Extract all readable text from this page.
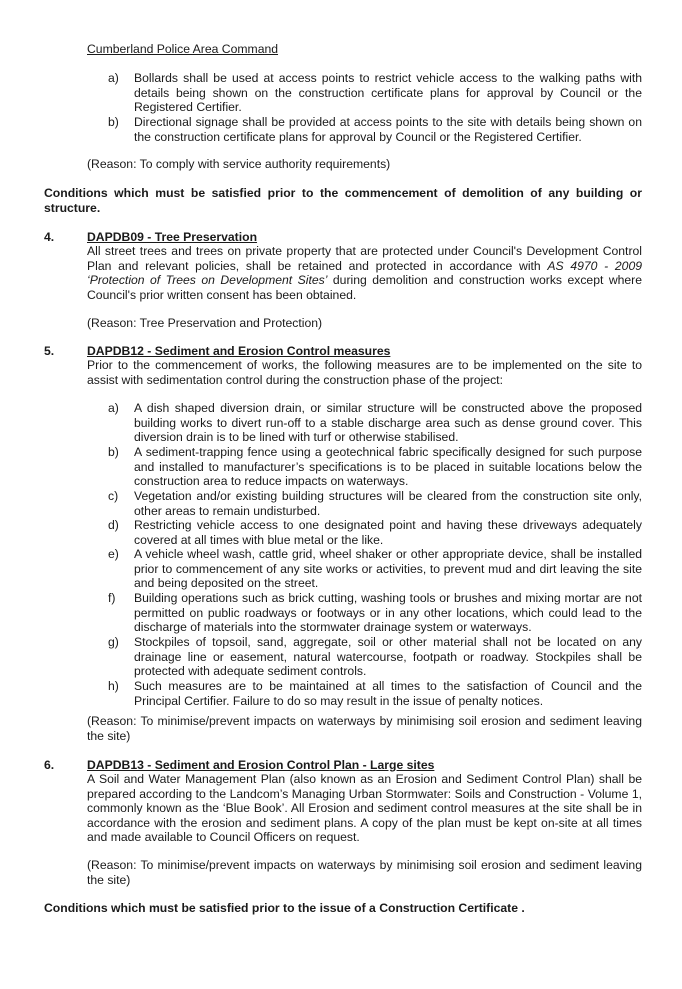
Cumberland Police Area Command
a)	Bollards shall be used at access points to restrict vehicle access to the walking paths with details being shown on the construction certificate plans for approval by Council or the Registered Certifier.
b)	Directional signage shall be provided at access points to the site with details being shown on the construction certificate plans for approval by Council or the Registered Certifier.
(Reason: To comply with service authority requirements)
Conditions which must be satisfied prior to the commencement of demolition of any building or structure.
4.	DAPDB09 - Tree Preservation
All street trees and trees on private property that are protected under Council's Development Control Plan and relevant policies, shall be retained and protected in accordance with AS 4970 - 2009 ‘Protection of Trees on Development Sites’ during demolition and construction works except where Council's prior written consent has been obtained.
(Reason: Tree Preservation and Protection)
5.	DAPDB12 - Sediment and Erosion Control measures
Prior to the commencement of works, the following measures are to be implemented on the site to assist with sedimentation control during the construction phase of the project:
a)	A dish shaped diversion drain, or similar structure will be constructed above the proposed building works to divert run-off to a stable discharge area such as dense ground cover. This diversion drain is to be lined with turf or otherwise stabilised.
b)	A sediment-trapping fence using a geotechnical fabric specifically designed for such purpose and installed to manufacturer’s specifications is to be placed in suitable locations below the construction area to reduce impacts on waterways.
c)	Vegetation and/or existing building structures will be cleared from the construction site only, other areas to remain undisturbed.
d)	Restricting vehicle access to one designated point and having these driveways adequately covered at all times with blue metal or the like.
e)	A vehicle wheel wash, cattle grid, wheel shaker or other appropriate device, shall be installed prior to commencement of any site works or activities, to prevent mud and dirt leaving the site and being deposited on the street.
f)	Building operations such as brick cutting, washing tools or brushes and mixing mortar are not permitted on public roadways or footways or in any other locations, which could lead to the discharge of materials into the stormwater drainage system or waterways.
g)	Stockpiles of topsoil, sand, aggregate, soil or other material shall not be located on any drainage line or easement, natural watercourse, footpath or roadway. Stockpiles shall be protected with adequate sediment controls.
h)	Such measures are to be maintained at all times to the satisfaction of Council and the Principal Certifier. Failure to do so may result in the issue of penalty notices.
(Reason: To minimise/prevent impacts on waterways by minimising soil erosion and sediment leaving the site)
6.	DAPDB13 - Sediment and Erosion Control Plan - Large sites
A Soil and Water Management Plan (also known as an Erosion and Sediment Control Plan) shall be prepared according to the Landcom’s Managing Urban Stormwater: Soils and Construction - Volume 1, commonly known as the ‘Blue Book’. All Erosion and sediment control measures at the site shall be in accordance with the erosion and sediment plans. A copy of the plan must be kept on-site at all times and made available to Council Officers on request.
(Reason: To minimise/prevent impacts on waterways by minimising soil erosion and sediment leaving the site)
Conditions which must be satisfied prior to the issue of a Construction Certificate .
